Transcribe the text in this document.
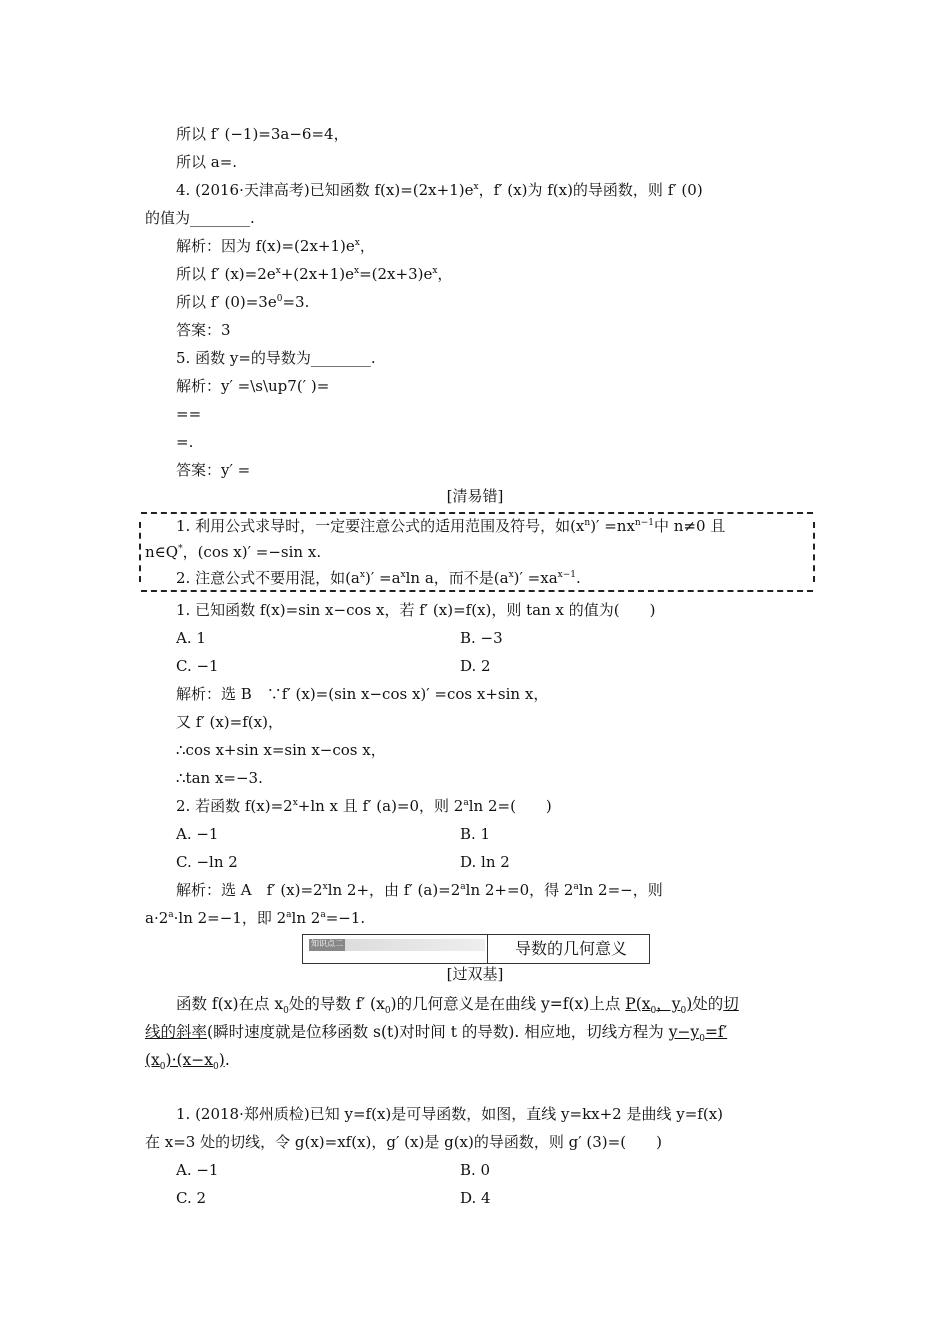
所以 f′ (−1)=3a−6=4，
所以 a=.
4. (2016·天津高考)已知函数 $f(x)=(2x+1)e^x$，f′ (x)为 f(x)的导函数，则 f′ (0)
的值为________.
解析：因为 $f(x)=(2x+1)e^x$，
所以 f′ $(x)=2e^x+(2x+1)e^x=(2x+3)e^x$，
所以 f′ $(0)=3e^0=3$.
答案：3
5. 函数 y=的导数为________.
解析：y′ =\s\up7(′ )=
==
=.
答案：y′ =
[清易错]
1. 利用公式求导时，一定要注意公式的适用范围及符号，如$(x^n)' =nx^{n-1}$中 n≠0 且
n∈Q*，(cos x)′ =−sin x.
2. 注意公式不要用混，如$(a^x)' =a^x\ln$ a，而不是$(a^x)' =xa^{x-1}$.
1. 已知函数 f(x)=sin x−cos x，若 f′ (x)=f(x)，则 tan x 的值为(　　)
A. 1	B. −3
C. −1	D. 2
解析：选 B　∵f′ (x)=(sin x−cos x)′ =cos x+sin x，
又 f′ (x)=f(x)，
∴cos x+sin x=sin x−cos x，
∴tan x=−3.
2. 若函数 $f(x)=2^x+\ln$ x 且 f′ (a)=0，则 2$^a$ln 2=(　　)
A. −1	B. 1
C. −ln 2	D. ln 2
解析：选 A　f′ $(x)=2^x\ln$ 2+，由 f′ $(a)=2^a\ln$ 2+=0，得 2$^a$ln 2=−，则
$a\cdot 2^a\cdot\ln$ 2=−1，即 2$^a$ln $2^a=-1$.
知识点二	导数的几何意义
[过双基]
函数 f(x)在点 $x_0$处的导数 f′ $(x_0)$的几何意义是在曲线 y=f(x)上点 $P(x_0$，$y_0$)处的切
线的斜率(瞬时速度就是位移函数 s(t)对时间 t 的导数). 相应地，切线方程为 $y-y_0=f'$
$(x_0)\cdot(x-x_0)$.
1. (2018·郑州质检)已知 y=f(x)是可导函数，如图，直线 y=kx+2 是曲线 y=f(x)
在 x=3 处的切线，令 g(x)=xf(x)，g′ (x)是 g(x)的导函数，则 g′ (3)=(　　)
A. −1	B. 0
C. 2	D. 4
